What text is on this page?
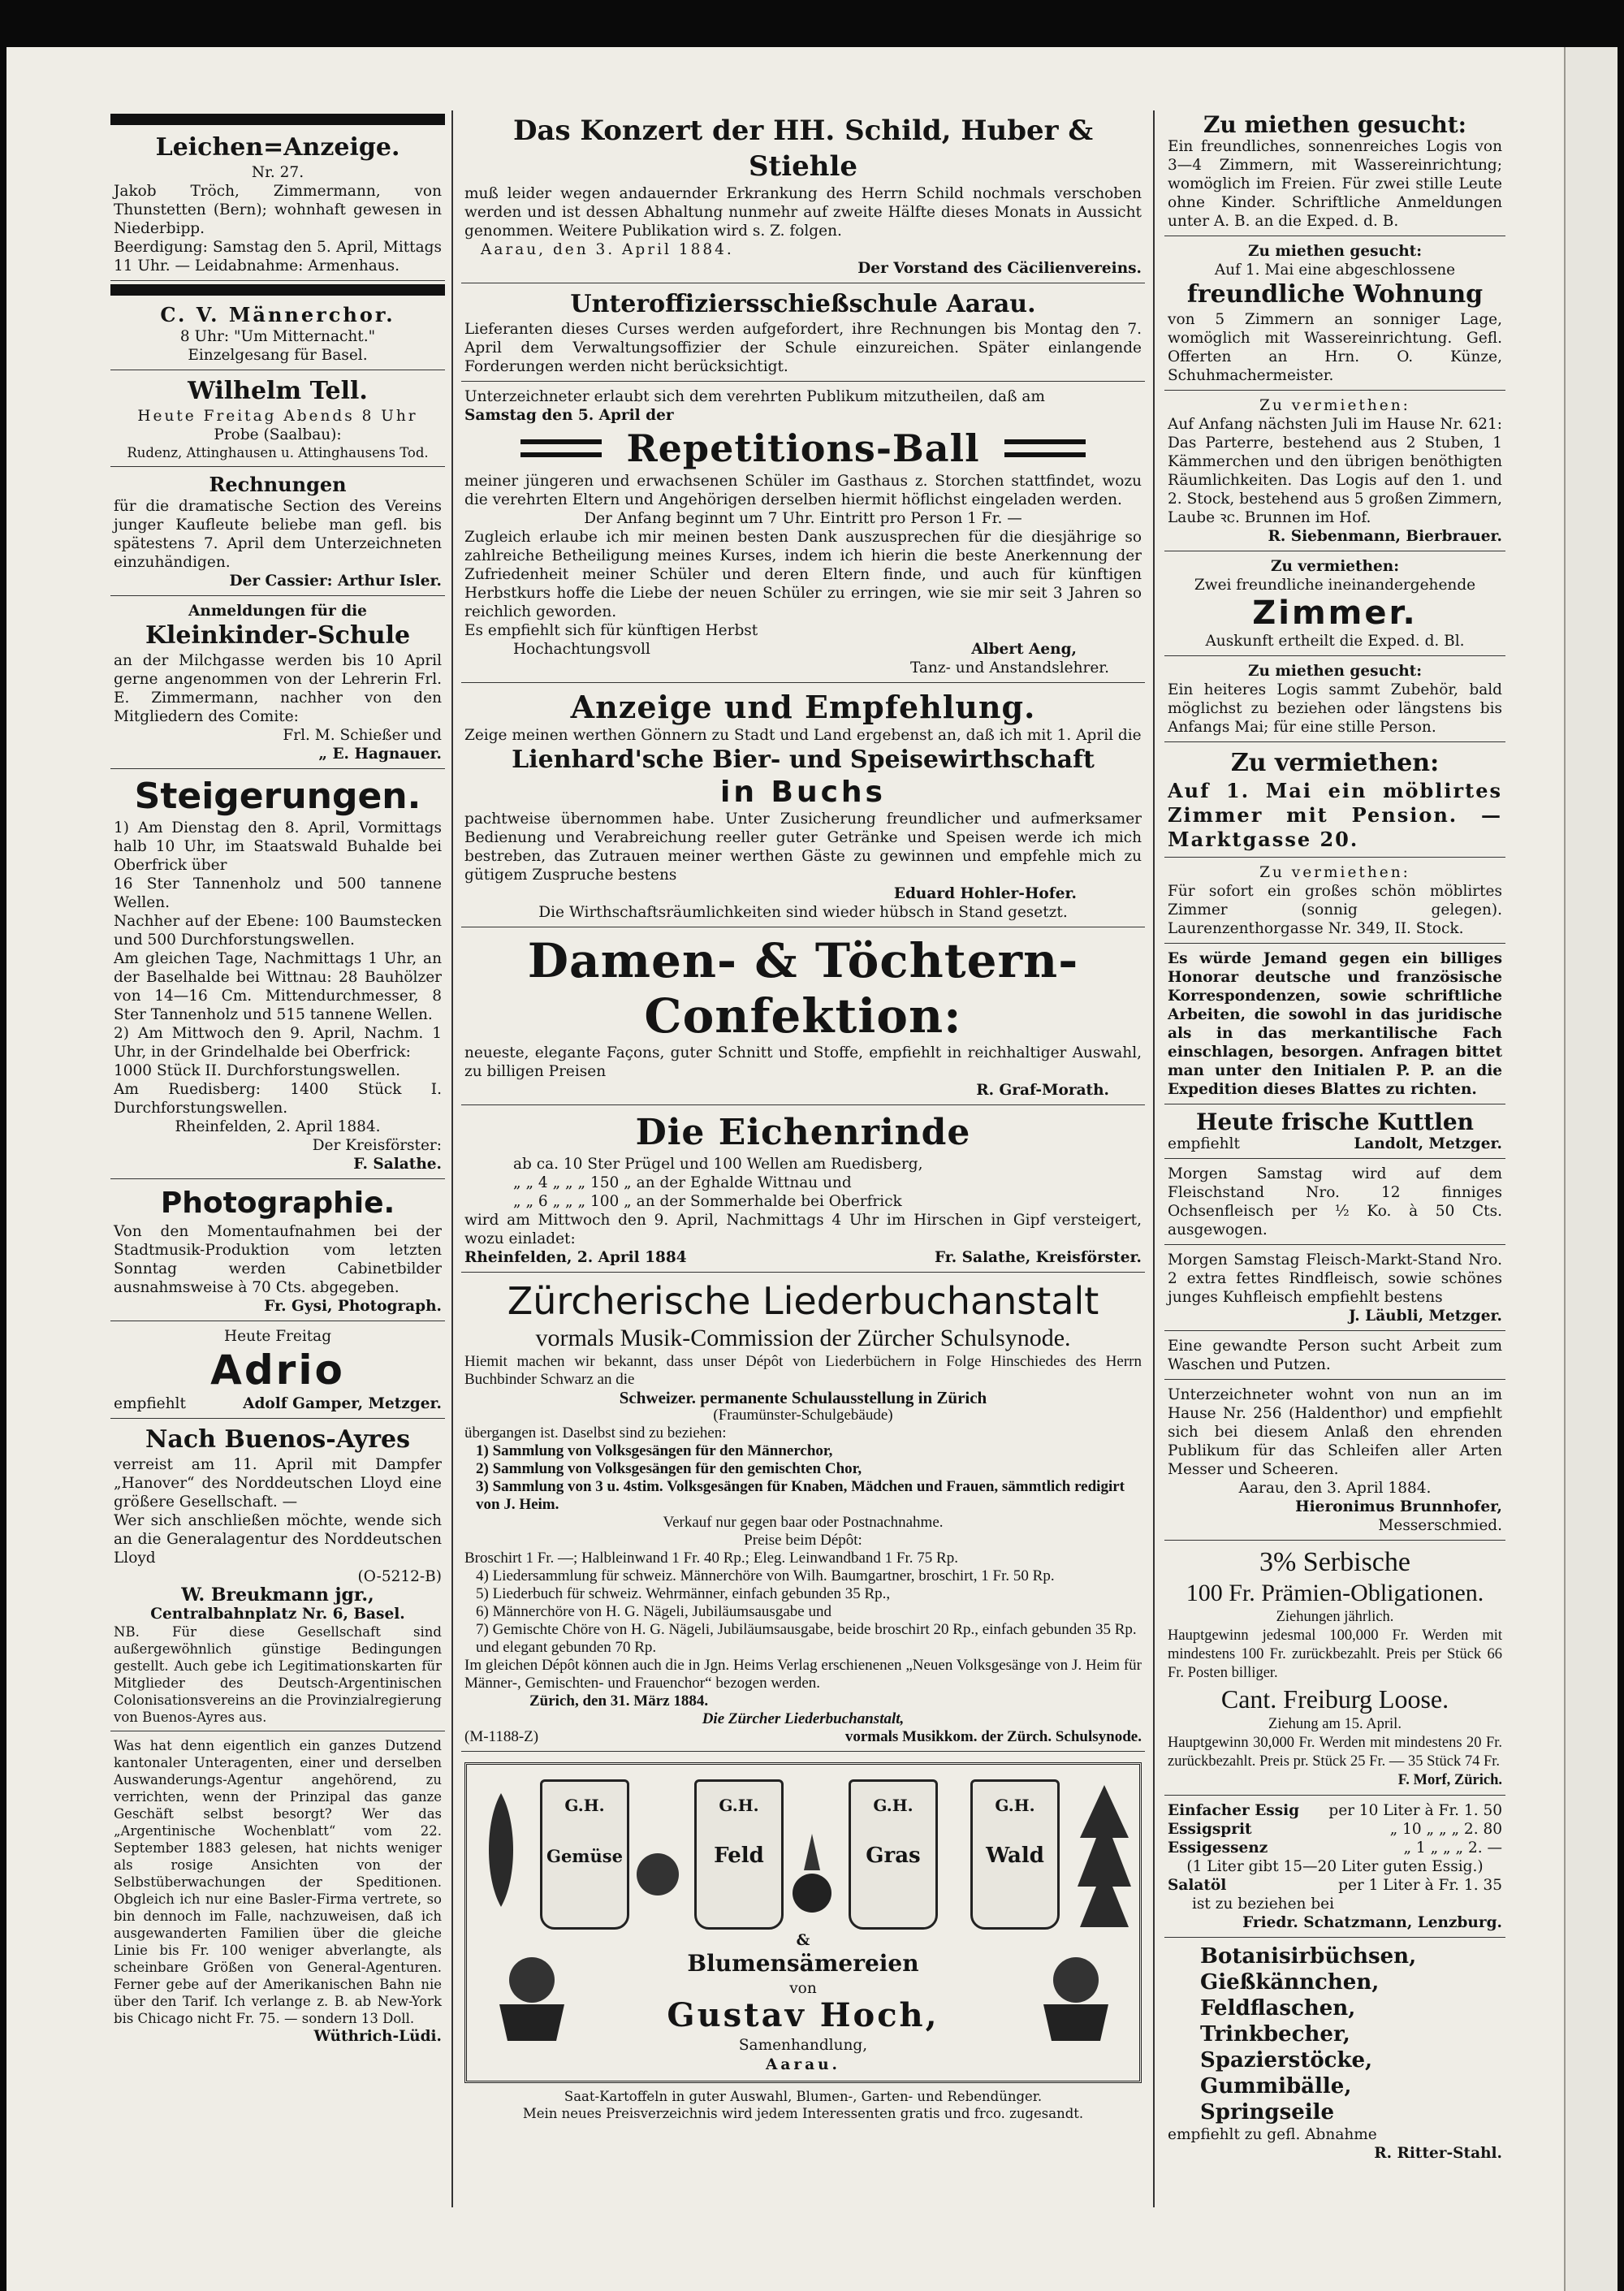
Leichen=Anzeige.
Nr. 27.

Jakob Tröch, Zimmermann, von Thunstetten (Bern); wohnhaft gewesen in Niederbipp.

Beerdigung: Samstag den 5. April, Mittags 11 Uhr. — Leidabnahme: Armenhaus.

C. V. Männerchor.
8 Uhr: "Um Mitternacht."
Einzelgesang für Basel.
Wilhelm Tell.
Heute Freitag Abends 8 Uhr
Probe (Saalbau):
Rudenz, Attinghausen u. Attinghausens Tod.
Rechnungen

für die dramatische Section des Vereins junger Kaufleute beliebe man gefl. bis spätestens 7. April dem Unterzeichneten einzuhändigen.

Der Cassier: Arthur Isler.
Anmeldungen für die
Kleinkinder-Schule

an der Milchgasse werden bis 10 April gerne angenommen von der Lehrerin Frl. E. Zimmermann, nachher von den Mitgliedern des Comite:

Frl. M. Schießer und
„ E. Hagnauer.
Steigerungen.

1) Am Dienstag den 8. April, Vormittags halb 10 Uhr, im Staatswald Buhalde bei Oberfrick über

16 Ster Tannenholz und 500 tannene Wellen.

Nachher auf der Ebene: 100 Baumstecken und 500 Durchforstungswellen.

Am gleichen Tage, Nachmittags 1 Uhr, an der Baselhalde bei Wittnau: 28 Bauhölzer von 14—16 Cm. Mittendurchmesser, 8 Ster Tannenholz und 515 tannene Wellen.

2) Am Mittwoch den 9. April, Nachm. 1 Uhr, in der Grindelhalde bei Oberfrick:

1000 Stück II. Durchforstungswellen.

Am Ruedisberg: 1400 Stück I. Durchforstungswellen.

Rheinfelden, 2. April 1884.
Der Kreisförster:
F. Salathe.
Photographie.

Von den Momentaufnahmen bei der Stadtmusik-Produktion vom letzten Sonntag werden Cabinetbilder ausnahmsweise à 70 Cts. abgegeben.

Fr. Gysi, Photograph.
Heute Freitag
Adrio
empfiehlt	Adolf Gamper, Metzger.
Nach Buenos-Ayres

verreist am 11. April mit Dampfer „Hanover“ des Norddeutschen Lloyd eine größere Gesellschaft. —

Wer sich anschließen möchte, wende sich an die Generalagentur des Norddeutschen Lloyd

(O-5212-B)
W. Breukmann jgr.,
Centralbahnplatz Nr. 6, Basel.

NB. Für diese Gesellschaft sind außergewöhnlich günstige Bedingungen gestellt. Auch gebe ich Legitimationskarten für Mitglieder des Deutsch-Argentinischen Colonisationsvereins an die Provinzialregierung von Buenos-Ayres aus.

Was hat denn eigentlich ein ganzes Dutzend kantonaler Unteragenten, einer und derselben Auswanderungs-Agentur angehörend, zu verrichten, wenn der Prinzipal das ganze Geschäft selbst besorgt? Wer das „Argentinische Wochenblatt“ vom 22. September 1883 gelesen, hat nichts weniger als rosige Ansichten von der Selbstüberwachungen der Speditionen. Obgleich ich nur eine Basler-Firma vertrete, so bin dennoch im Falle, nachzuweisen, daß ich ausgewanderten Familien über die gleiche Linie bis Fr. 100 weniger abverlangte, als scheinbare Größen von General-Agenturen. Ferner gebe auf der Amerikanischen Bahn nie über den Tarif. Ich verlange z. B. ab New-York bis Chicago nicht Fr. 75. — sondern 13 Doll.

Wüthrich-Lüdi.
Das Konzert der HH. Schild, Huber & Stiehle

muß leider wegen andauernder Erkrankung des Herrn Schild nochmals verschoben werden und ist dessen Abhaltung nunmehr auf zweite Hälfte dieses Monats in Aussicht genommen. Weitere Publikation wird s. Z. folgen.

Aarau, den 3. April 1884.
Der Vorstand des Cäcilienvereins.
Unteroffiziersschießschule Aarau.

Lieferanten dieses Curses werden aufgefordert, ihre Rechnungen bis Montag den 7. April dem Verwaltungsoffizier der Schule einzureichen. Später einlangende Forderungen werden nicht berücksichtigt.

Unterzeichneter erlaubt sich dem verehrten Publikum mitzutheilen, daß am

Samstag den 5. April der

Repetitions-Ball

meiner jüngeren und erwachsenen Schüler im Gasthaus z. Storchen stattfindet, wozu die verehrten Eltern und Angehörigen derselben hiermit höflichst eingeladen werden.

Der Anfang beginnt um 7 Uhr. Eintritt pro Person 1 Fr. —

Zugleich erlaube ich mir meinen besten Dank auszusprechen für die diesjährige so zahlreiche Betheiligung meines Kurses, indem ich hierin die beste Anerkennung der Zufriedenheit meiner Schüler und deren Eltern finde, und auch für künftigen Herbstkurs hoffe die Liebe der neuen Schüler zu erringen, wie sie mir seit 3 Jahren so reichlich geworden.

Es empfiehlt sich für künftigen Herbst

Hochachtungsvoll	Albert Aeng,
Tanz- und Anstandslehrer.
Anzeige und Empfehlung.

Zeige meinen werthen Gönnern zu Stadt und Land ergebenst an, daß ich mit 1. April die

Lienhard'sche Bier- und Speisewirthschaft
in Buchs

pachtweise übernommen habe. Unter Zusicherung freundlicher und aufmerksamer Bedienung und Verabreichung reeller guter Getränke und Speisen werde ich mich bestreben, das Zutrauen meiner werthen Gäste zu gewinnen und empfehle mich zu gütigem Zuspruche bestens

Eduard Hohler-Hofer.
Die Wirthschaftsräumlichkeiten sind wieder hübsch in Stand gesetzt.
Damen- & Töchtern-Confektion:

neueste, elegante Façons, guter Schnitt und Stoffe, empfiehlt in reichhaltiger Auswahl, zu billigen Preisen

R. Graf-Morath.
Die Eichenrinde
ab ca. 10 Ster Prügel und 100 Wellen am Ruedisberg,
„ „ 4 „ „ „ 150 „ an der Eghalde Wittnau und
„ „ 6 „ „ „ 100 „ an der Sommerhalde bei Oberfrick

wird am Mittwoch den 9. April, Nachmittags 4 Uhr im Hirschen in Gipf versteigert, wozu einladet:

Rheinfelden, 2. April 1884	Fr. Salathe, Kreisförster.
Zürcherische Liederbuchanstalt
vormals Musik-Commission der Zürcher Schulsynode.

Hiemit machen wir bekannt, dass unser Dépôt von Liederbüchern in Folge Hinschiedes des Herrn Buchbinder Schwarz an die

Schweizer. permanente Schulausstellung in Zürich
(Fraumünster-Schulgebäude)

übergangen ist. Daselbst sind zu beziehen:

1) Sammlung von Volksgesängen für den Männerchor,
2) Sammlung von Volksgesängen für den gemischten Chor,
3) Sammlung von 3 u. 4stim. Volksgesängen für Knaben, Mädchen und Frauen, sämmtlich redigirt von J. Heim.
Verkauf nur gegen baar oder Postnachnahme.
Preise beim Dépôt:

Broschirt 1 Fr. —; Halbleinwand 1 Fr. 40 Rp.; Eleg. Leinwandband 1 Fr. 75 Rp.

4) Liedersammlung für schweiz. Männerchöre von Wilh. Baumgartner, broschirt, 1 Fr. 50 Rp.
5) Liederbuch für schweiz. Wehrmänner, einfach gebunden 35 Rp.,
6) Männerchöre von H. G. Nägeli, Jubiläumsausgabe und
7) Gemischte Chöre von H. G. Nägeli, Jubiläumsausgabe, beide broschirt 20 Rp., einfach gebunden 35 Rp. und elegant gebunden 70 Rp.

Im gleichen Dépôt können auch die in Jgn. Heims Verlag erschienenen „Neuen Volksgesänge von J. Heim für Männer-, Gemischten- und Frauenchor“ bezogen werden.

Zürich, den 31. März 1884.
Die Zürcher Liederbuchanstalt,
(M-1188-Z)	vormals Musikkom. der Zürch. Schulsynode.
G.H.
Gemüse
G.H.
Feld
G.H.
Gras
G.H.
Wald
&
Blumensämereien
von
Gustav Hoch,
Samenhandlung,
Aarau.
Saat-Kartoffeln in guter Auswahl, Blumen-, Garten- und Rebendünger.
Mein neues Preisverzeichnis wird jedem Interessenten gratis und frco. zugesandt.
Zu miethen gesucht:

Ein freundliches, sonnenreiches Logis von 3—4 Zimmern, mit Wassereinrichtung; womöglich im Freien. Für zwei stille Leute ohne Kinder. Schriftliche Anmeldungen unter A. B. an die Exped. d. B.

Zu miethen gesucht:
Auf 1. Mai eine abgeschlossene
freundliche Wohnung

von 5 Zimmern an sonniger Lage, womöglich mit Wassereinrichtung. Gefl. Offerten an Hrn. O. Künze, Schuhmachermeister.

Zu vermiethen:

Auf Anfang nächsten Juli im Hause Nr. 621: Das Parterre, bestehend aus 2 Stuben, 1 Kämmerchen und den übrigen benöthigten Räumlichkeiten. Das Logis auf den 1. und 2. Stock, bestehend aus 5 großen Zimmern, Laube ꝛc. Brunnen im Hof.

R. Siebenmann, Bierbrauer.
Zu vermiethen:
Zwei freundliche ineinandergehende
Zimmer.
Auskunft ertheilt die Exped. d. Bl.
Zu miethen gesucht:

Ein heiteres Logis sammt Zubehör, bald möglichst zu beziehen oder längstens bis Anfangs Mai; für eine stille Person.

Zu vermiethen:

Auf 1. Mai ein möblirtes Zimmer mit Pension. — Marktgasse 20.

Zu vermiethen:

Für sofort ein großes schön möblirtes Zimmer (sonnig gelegen). Laurenzenthorgasse Nr. 349, II. Stock.

Es würde Jemand gegen ein billiges Honorar deutsche und französische Korrespondenzen, sowie schriftliche Arbeiten, die sowohl in das juridische als in das merkantilische Fach einschlagen, besorgen. Anfragen bittet man unter den Initialen P. P. an die Expedition dieses Blattes zu richten.

Heute frische Kuttlen
empfiehlt	Landolt, Metzger.

Morgen Samstag wird auf dem Fleischstand Nro. 12 finniges Ochsenfleisch per ½ Ko. à 50 Cts. ausgewogen.

Morgen Samstag Fleisch-Markt-Stand Nro. 2 extra fettes Rindfleisch, sowie schönes junges Kuhfleisch empfiehlt bestens

J. Läubli, Metzger.

Eine gewandte Person sucht Arbeit zum Waschen und Putzen.

Unterzeichneter wohnt von nun an im Hause Nr. 256 (Haldenthor) und empfiehlt sich bei diesem Anlaß den ehrenden Publikum für das Schleifen aller Arten Messer und Scheeren.

Aarau, den 3. April 1884.
Hieronimus Brunnhofer,
Messerschmied.
3% Serbische
100 Fr. Prämien-Obligationen.
Ziehungen jährlich.

Hauptgewinn jedesmal 100,000 Fr. Werden mit mindestens 100 Fr. zurückbezahlt. Preis per Stück 66 Fr. Posten billiger.

Cant. Freiburg Loose.
Ziehung am 15. April.

Hauptgewinn 30,000 Fr. Werden mit mindestens 20 Fr. zurückbezahlt. Preis pr. Stück 25 Fr. — 35 Stück 74 Fr.

F. Morf, Zürich.
Einfacher Essig per 10 Liter à Fr. 1. 50
Essigsprit	„ 10 „ „ „ 2. 80
Essigessenz	„ 1 „ „ „ 2. —
(1 Liter gibt 15—20 Liter guten Essig.)
Salatöl	per 1 Liter à Fr. 1. 35
ist zu beziehen bei
Friedr. Schatzmann, Lenzburg.
Botanisirbüchsen,
Gießkännchen,
Feldflaschen,
Trinkbecher,
Spazierstöcke,
Gummibälle,
Springseile
empfiehlt zu gefl. Abnahme
R. Ritter-Stahl.
